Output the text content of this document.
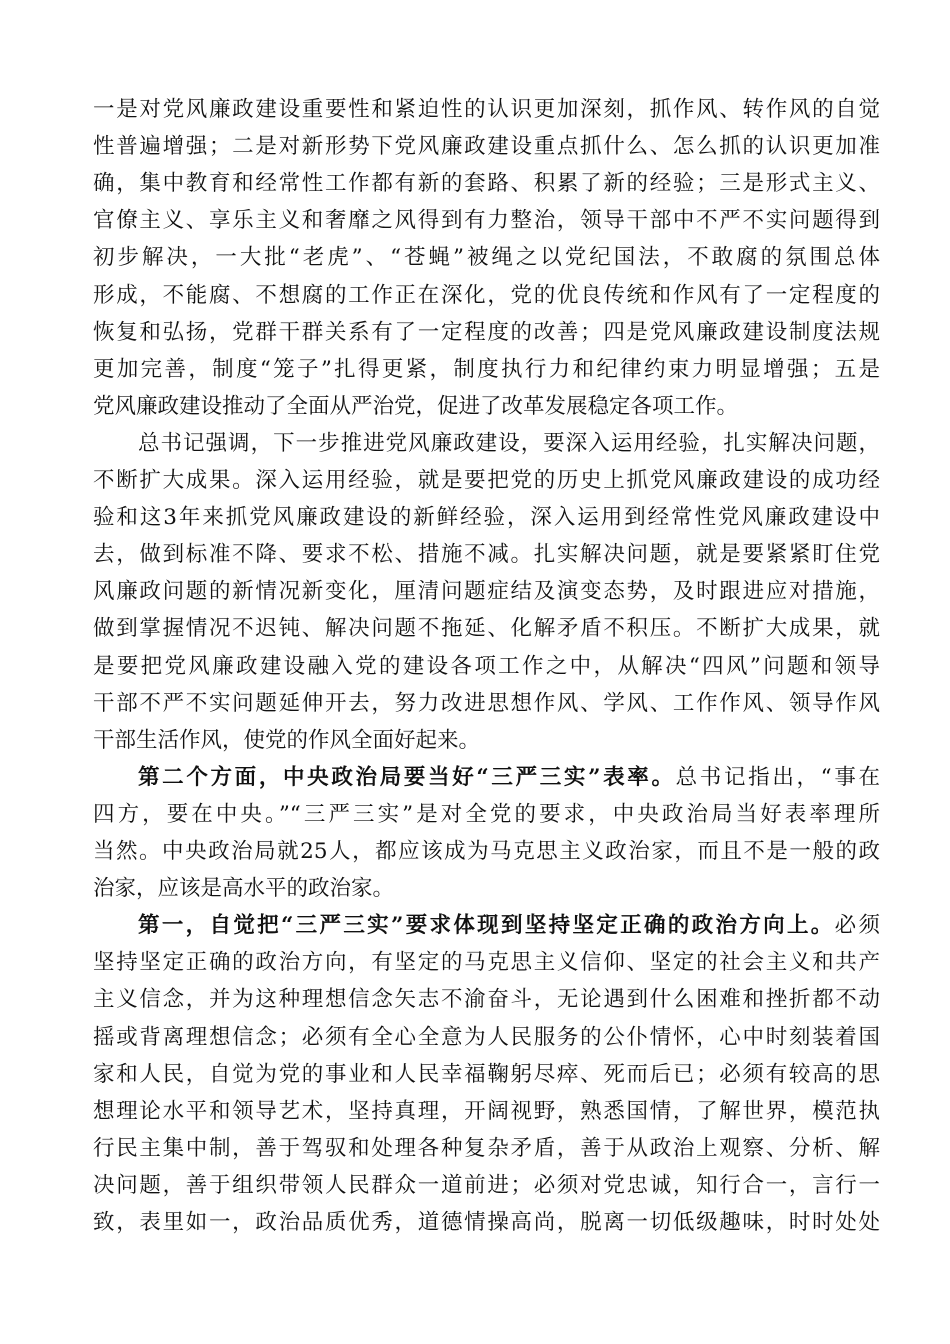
一是对党风廉政建设重要性和紧迫性的认识更加深刻，抓作风、转作风的自觉
性普遍增强；二是对新形势下党风廉政建设重点抓什么、怎么抓的认识更加准
确，集中教育和经常性工作都有新的套路、积累了新的经验；三是形式主义、
官僚主义、享乐主义和奢靡之风得到有力整治，领导干部中不严不实问题得到
初步解决，一大批“老虎”、“苍蝇”被绳之以党纪国法，不敢腐的氛围总体
形成，不能腐、不想腐的工作正在深化，党的优良传统和作风有了一定程度的
恢复和弘扬，党群干群关系有了一定程度的改善；四是党风廉政建设制度法规
更加完善，制度“笼子”扎得更紧，制度执行力和纪律约束力明显增强；五是
党风廉政建设推动了全面从严治党，促进了改革发展稳定各项工作。
总书记强调，下一步推进党风廉政建设，要深入运用经验，扎实解决问题，
不断扩大成果。深入运用经验，就是要把党的历史上抓党风廉政建设的成功经
验和这3年来抓党风廉政建设的新鲜经验，深入运用到经常性党风廉政建设中
去，做到标准不降、要求不松、措施不减。扎实解决问题，就是要紧紧盯住党
风廉政问题的新情况新变化，厘清问题症结及演变态势，及时跟进应对措施，
做到掌握情况不迟钝、解决问题不拖延、化解矛盾不积压。不断扩大成果，就
是要把党风廉政建设融入党的建设各项工作之中，从解决“四风”问题和领导
干部不严不实问题延伸开去，努力改进思想作风、学风、工作作风、领导作风
干部生活作风，使党的作风全面好起来。
第二个方面，中央政治局要当好“三严三实”表率。总书记指出，“事在
四方，要在中央。”“三严三实”是对全党的要求，中央政治局当好表率理所
当然。中央政治局就25人，都应该成为马克思主义政治家，而且不是一般的政
治家，应该是高水平的政治家。
第一，自觉把“三严三实”要求体现到坚持坚定正确的政治方向上。必须
坚持坚定正确的政治方向，有坚定的马克思主义信仰、坚定的社会主义和共产
主义信念，并为这种理想信念矢志不渝奋斗，无论遇到什么困难和挫折都不动
摇或背离理想信念；必须有全心全意为人民服务的公仆情怀，心中时刻装着国
家和人民，自觉为党的事业和人民幸福鞠躬尽瘁、死而后已；必须有较高的思
想理论水平和领导艺术，坚持真理，开阔视野，熟悉国情，了解世界，模范执
行民主集中制，善于驾驭和处理各种复杂矛盾，善于从政治上观察、分析、解
决问题，善于组织带领人民群众一道前进；必须对党忠诚，知行合一，言行一
致，表里如一，政治品质优秀，道德情操高尚，脱离一切低级趣味，时时处处
